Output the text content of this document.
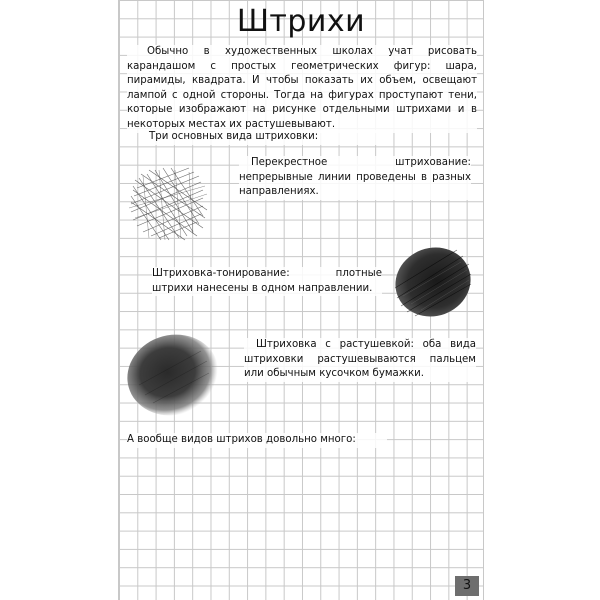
Штрихи
Обычно в художественных школах учат рисовать карандашом с простых геометрических фигур: шара, пирамиды, квадрата. И чтобы показать их объем, освещают лампой с одной стороны. Тогда на фигурах проступают тени, которые изображают на рисунке отдельными штрихами и в некоторых местах их растушевывают.
Три основных вида штриховки:
Перекрестное штрихование: непрерывные линии проведены в разных направлениях.
Штриховка-тонирование: плотные штрихи нанесены в одном направлении.
Штриховка с растушевкой: оба вида штриховки растушевываются пальцем или обычным кусочком бумажки.
А вообще видов штрихов довольно много:
3
